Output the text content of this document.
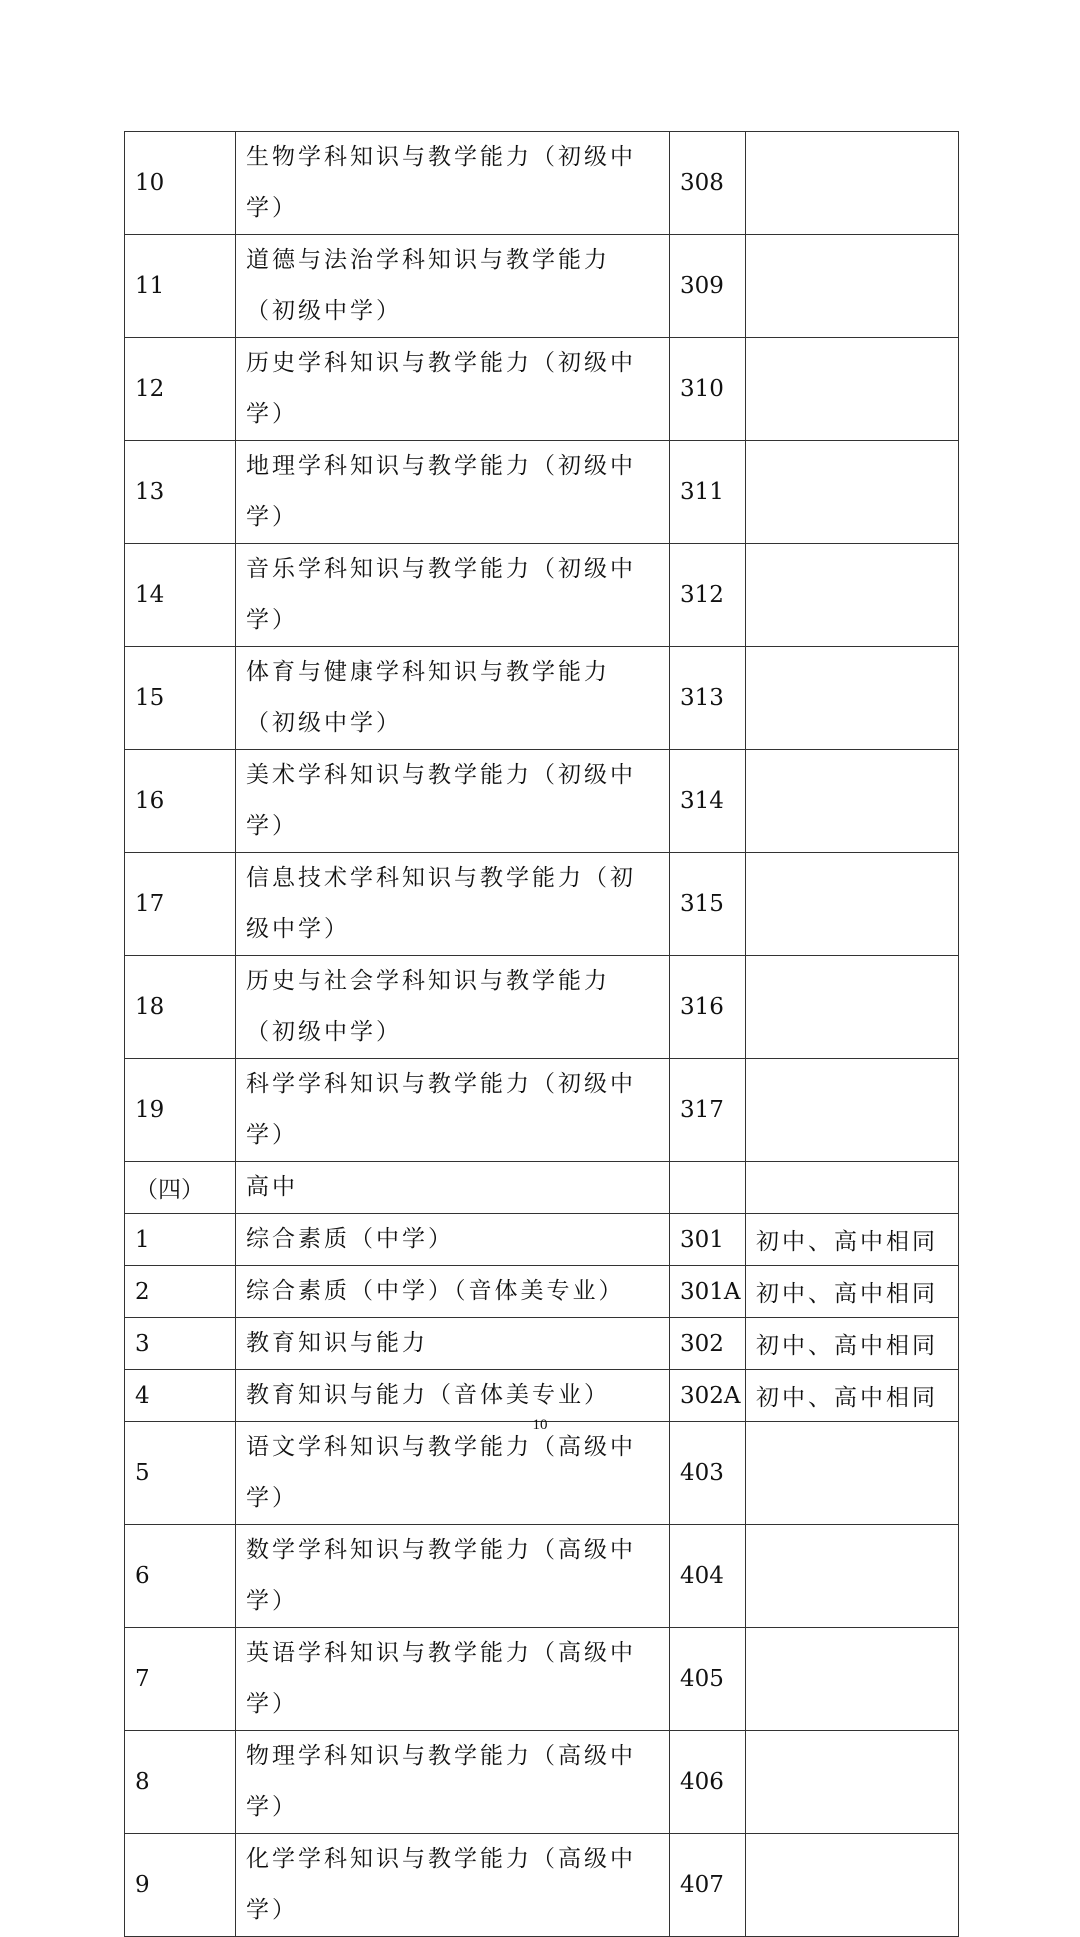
10	生物学科知识与教学能力（初级中学）	308	
11	道德与法治学科知识与教学能力（初级中学）	309	
12	历史学科知识与教学能力（初级中学）	310	
13	地理学科知识与教学能力（初级中学）	311	
14	音乐学科知识与教学能力（初级中学）	312	
15	体育与健康学科知识与教学能力（初级中学）	313	
16	美术学科知识与教学能力（初级中学）	314	
17	信息技术学科知识与教学能力（初级中学）	315	
18	历史与社会学科知识与教学能力（初级中学）	316	
19	科学学科知识与教学能力（初级中学）	317	
（四）	高中		
1	综合素质（中学）	301	初中、高中相同
2	综合素质（中学）（音体美专业）	301A	初中、高中相同
3	教育知识与能力	302	初中、高中相同
4	教育知识与能力（音体美专业）	302A	初中、高中相同
5	语文学科知识与教学能力（高级中学）	403	
6	数学学科知识与教学能力（高级中学）	404	
7	英语学科知识与教学能力（高级中学）	405	
8	物理学科知识与教学能力（高级中学）	406	
9	化学学科知识与教学能力（高级中学）	407	
10
